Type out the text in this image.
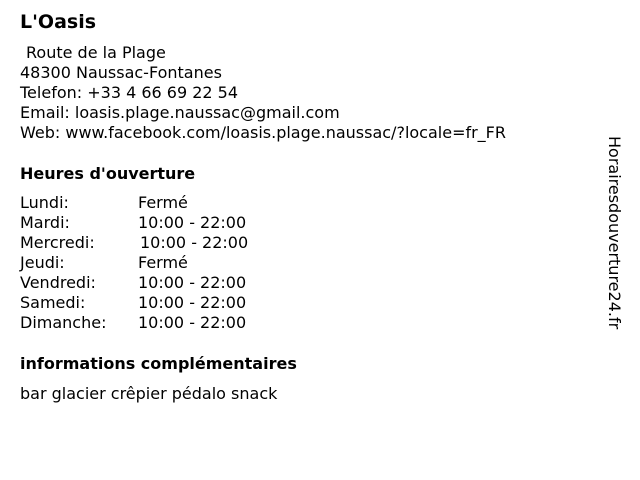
L'Oasis
Route de la Plage
48300 Naussac-Fontanes
Telefon: +33 4 66 69 22 54
Email: loasis.plage.naussac@gmail.com
Web: www.facebook.com/loasis.plage.naussac/?locale=fr_FR
Heures d'ouverture
Lundi:	Fermé
Mardi:	10:00 - 22:00
Mercredi:	10:00 - 22:00
Jeudi:	Fermé
Vendredi:	10:00 - 22:00
Samedi:	10:00 - 22:00
Dimanche: 10:00 - 22:00
informations complémentaires
bar glacier crêpier pédalo snack
Horairesdouverture24.fr
